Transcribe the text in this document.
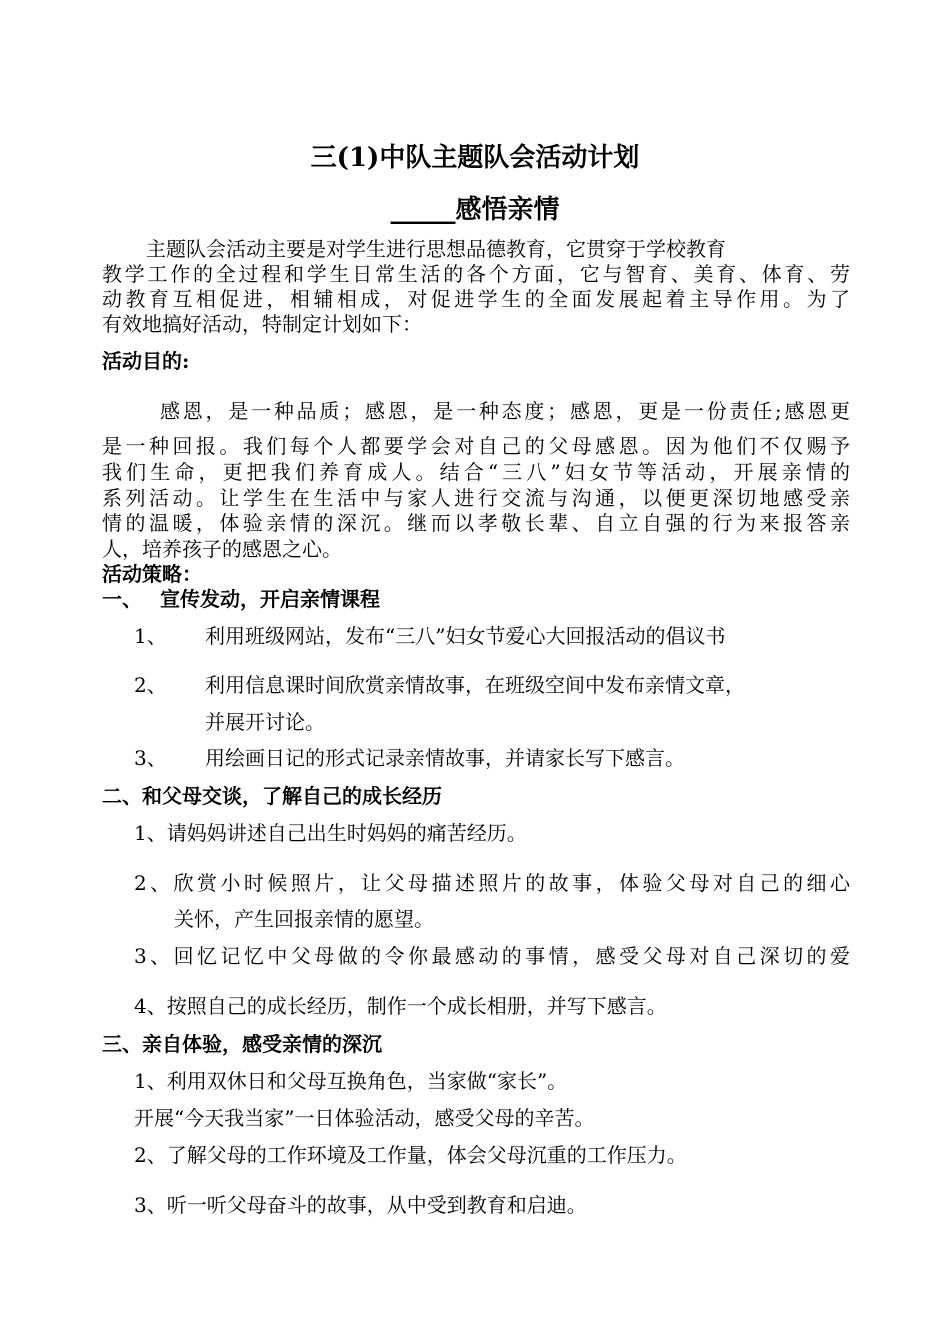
三(1)中队主题队会活动计划
_____感悟亲情
主题队会活动主要是对学生进行思想品德教育，它贯穿于学校教育
教学工作的全过程和学生日常生活的各个方面，它与智育、美育、体育、劳
动教育互相促进，相辅相成，对促进学生的全面发展起着主导作用。为了
有效地搞好活动，特制定计划如下：
活动目的:
感恩，是一种品质；感恩，是一种态度；感恩，更是一份责任;感恩更
是一种回报。我们每个人都要学会对自己的父母感恩。因为他们不仅赐予
我们生命，更把我们养育成人。结合“三八”妇女节等活动，开展亲情的
系列活动。让学生在生活中与家人进行交流与沟通，以便更深切地感受亲
情的温暖，体验亲情的深沉。继而以孝敬长辈、自立自强的行为来报答亲
人，培养孩子的感恩之心。
活动策略：
一、 宣传发动，开启亲情课程
1、 利用班级网站，发布“三八”妇女节爱心大回报活动的倡议书
2、 利用信息课时间欣赏亲情故事，在班级空间中发布亲情文章，
并展开讨论。
3、 用绘画日记的形式记录亲情故事，并请家长写下感言。
二、和父母交谈，了解自己的成长经历
1、请妈妈讲述自己出生时妈妈的痛苦经历。
2、欣赏小时候照片，让父母描述照片的故事，体验父母对自己的细心
关怀，产生回报亲情的愿望。
3、回忆记忆中父母做的令你最感动的事情，感受父母对自己深切的爱
4、按照自己的成长经历，制作一个成长相册，并写下感言。
三、亲自体验，感受亲情的深沉
1、利用双休日和父母互换角色，当家做“家长”。
开展“今天我当家”一日体验活动，感受父母的辛苦。
2、了解父母的工作环境及工作量，体会父母沉重的工作压力。
3、听一听父母奋斗的故事，从中受到教育和启迪。
